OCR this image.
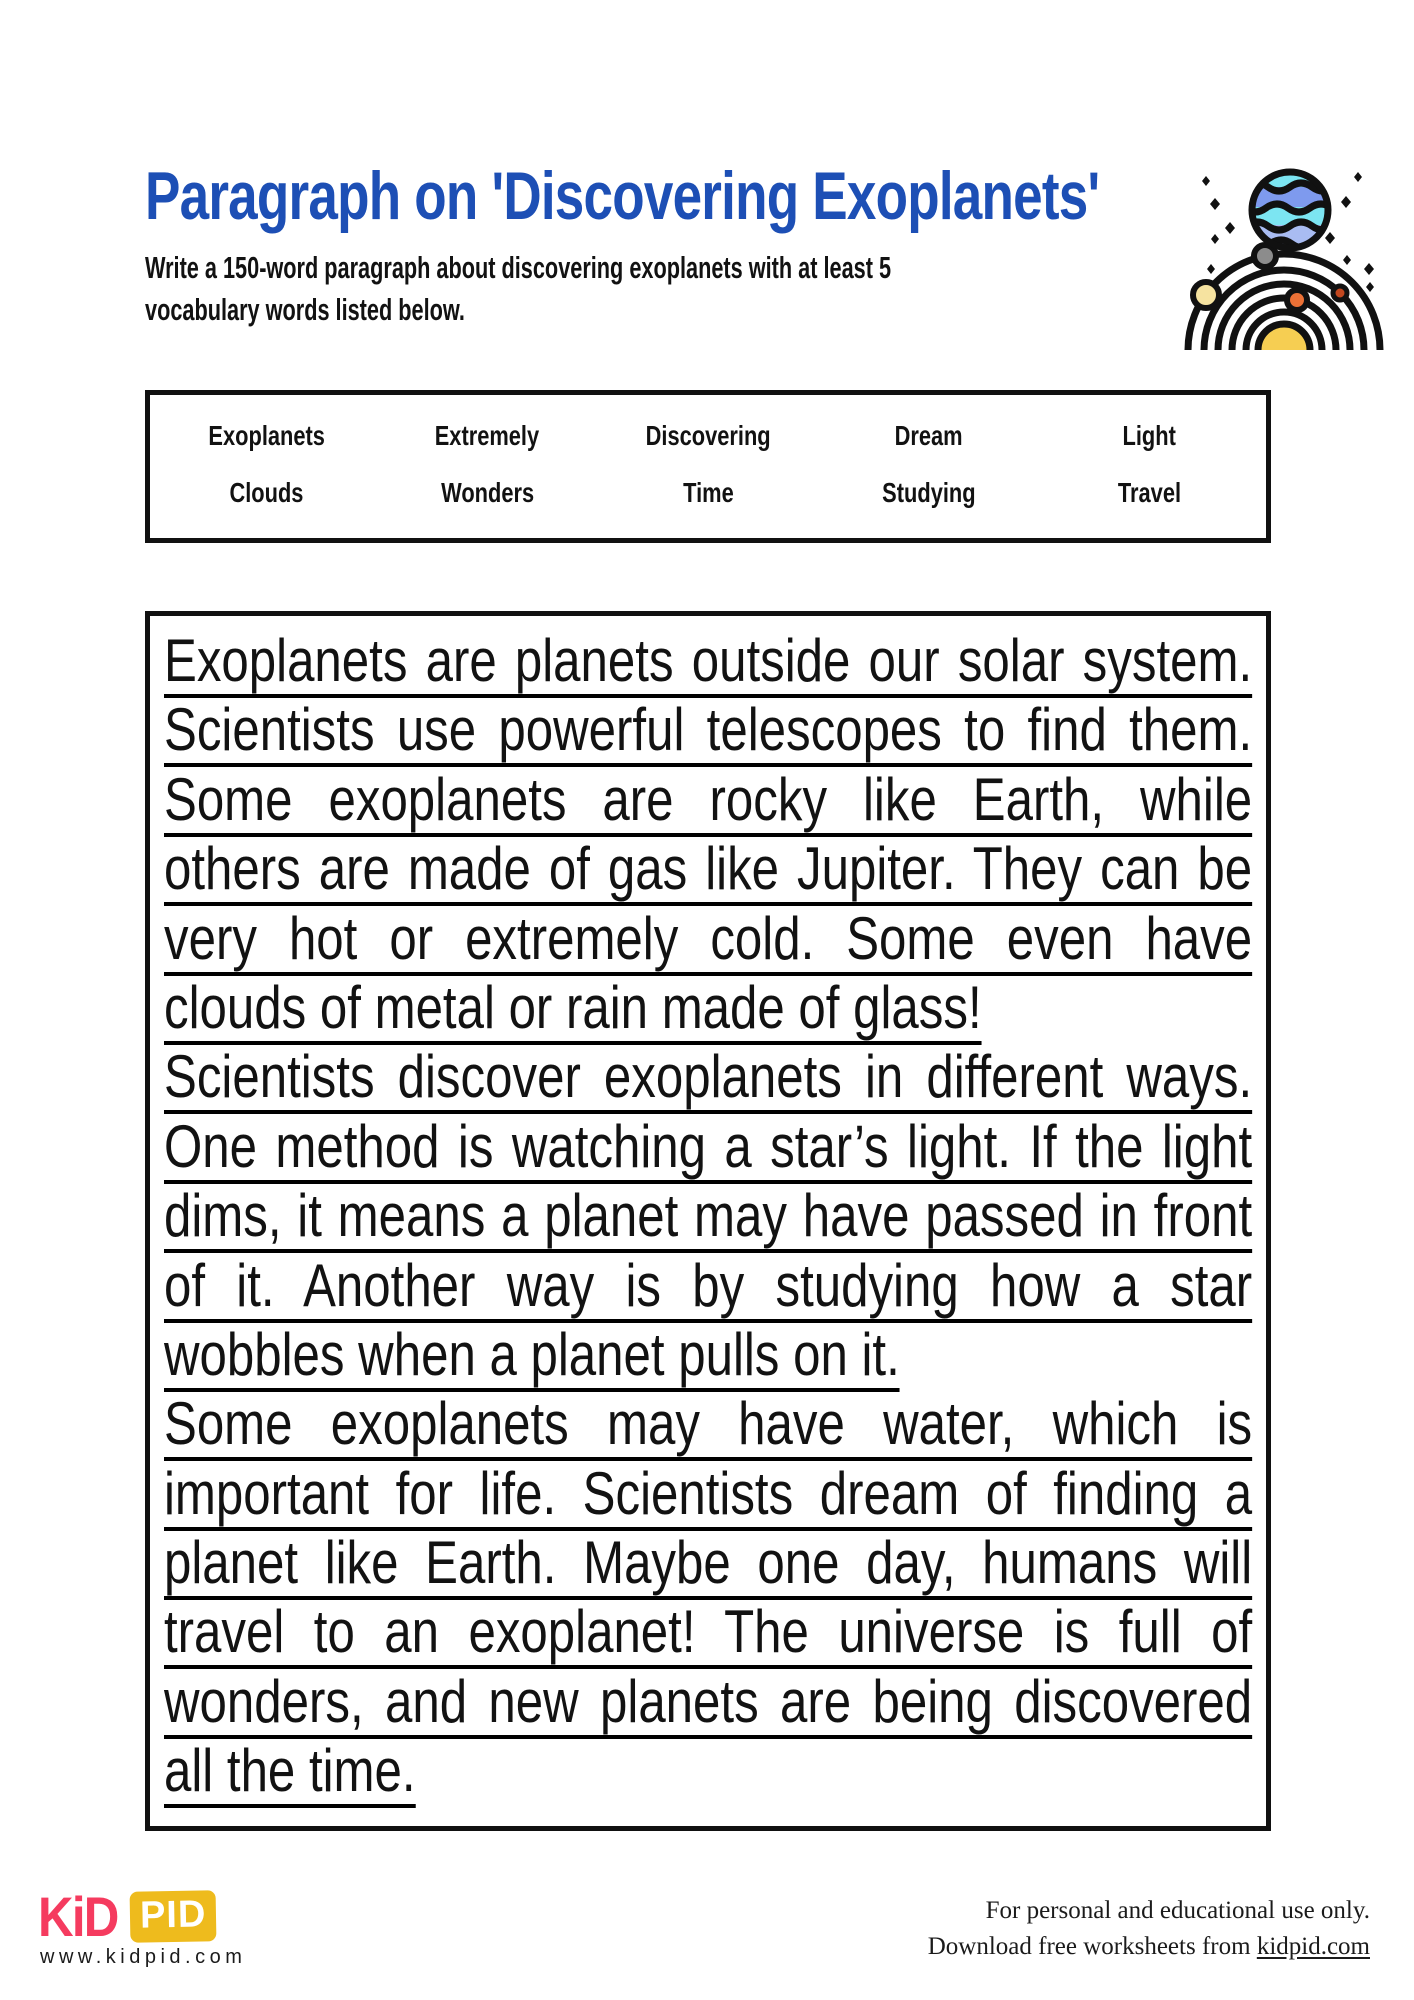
Paragraph on 'Discovering Exoplanets'
Write a 150-word paragraph about discovering exoplanets with at least 5
vocabulary words listed below.
Exoplanets	Extremely	Discovering	Dream	Light
Clouds	Wonders	Time	Studying	Travel
Exoplanets are planets outside our solar system.
Scientists use powerful telescopes to find them.
Some exoplanets are rocky like Earth, while
others are made of gas like Jupiter. They can be
very hot or extremely cold. Some even have
clouds of metal or rain made of glass!
Scientists discover exoplanets in different ways.
One method is watching a star’s light. If the light
dims, it means a planet may have passed in front
of it. Another way is by studying how a star
wobbles when a planet pulls on it.
Some exoplanets may have water, which is
important for life. Scientists dream of finding a
planet like Earth. Maybe one day, humans will
travel to an exoplanet! The universe is full of
wonders, and new planets are being discovered
all the time.
KiD PID
www.kidpid.com
For personal and educational use only.
Download free worksheets from kidpid.com
